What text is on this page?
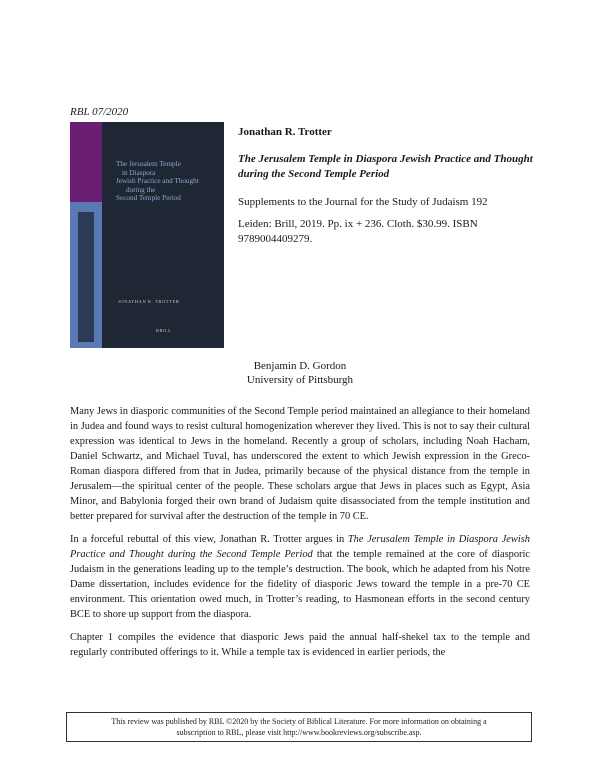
RBL 07/2020
The Jerusalem Temple
in Diaspora
Jewish Practice and Thought
during the
Second Temple Period
JONATHAN R. TROTTER
BRILL
Jonathan R. Trotter
The Jerusalem Temple in Diaspora Jewish Practice and Thought during the Second Temple Period
Supplements to the Journal for the Study of Judaism 192
Leiden: Brill, 2019. Pp. ix + 236. Cloth. $30.99. ISBN 9789004409279.
Benjamin D. Gordon
University of Pittsburgh

Many Jews in diasporic communities of the Second Temple period maintained an allegiance to their homeland in Judea and found ways to resist cultural homogenization wherever they lived. This is not to say their cultural expression was identical to Jews in the homeland. Recently a group of scholars, including Noah Hacham, Daniel Schwartz, and Michael Tuval, has underscored the extent to which Jewish expression in the Greco-Roman diaspora differed from that in Judea, primarily because of the physical distance from the temple in Jerusalem—the spiritual center of the people. These scholars argue that Jews in places such as Egypt, Asia Minor, and Babylonia forged their own brand of Judaism quite disassociated from the temple institution and better prepared for survival after the destruction of the temple in 70 CE.

In a forceful rebuttal of this view, Jonathan R. Trotter argues in The Jerusalem Temple in Diaspora Jewish Practice and Thought during the Second Temple Period that the temple remained at the core of diasporic Judaism in the generations leading up to the temple’s destruction. The book, which he adapted from his Notre Dame dissertation, includes evidence for the fidelity of diasporic Jews toward the temple in a pre-70 CE environment. This orientation owed much, in Trotter’s reading, to Hasmonean efforts in the second century BCE to shore up support from the diaspora.

Chapter 1 compiles the evidence that diasporic Jews paid the annual half-shekel tax to the temple and regularly contributed offerings to it. While a temple tax is evidenced in earlier periods, the

This review was published by RBL ©2020 by the Society of Biblical Literature. For more information on obtaining a
subscription to RBL, please visit http://www.bookreviews.org/subscribe.asp.
